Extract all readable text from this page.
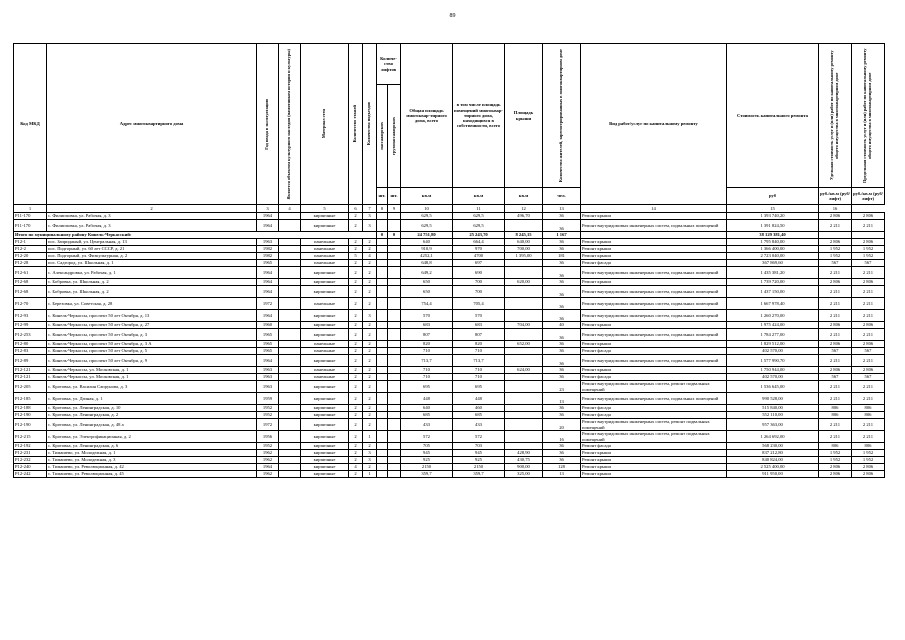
89
Код МКД	Адрес многоквартирного дома	Год ввода в эксплуатацию	Является объектом культурного наследия (памятником истории и культуры)	Материал стен	Количество этажей	Количество подъездов	Количе-ство лифтов		Общая площадь многоквар-тирного дома, всего	в том числе площадь помещений многоквар-тирного дома, находящихся в собственности, всего	Площадь крыши	Количество жителей, зарегистрированных в многоквартирном доме	Вид работ/услуг по капитальному ремонту	Стоимость капитального ремонта	Удельная стоимость услуг и (или) работ по капитальному ремонту общего имущества в многоквартирном доме	Предельная стоимость услуг и (или) работ по капитальному ремонту общего имущества в многоквартирном доме

							пассажирских	грузопассажирских								

							шт.	шт.	кв.м	кв.м	кв.м	чел.		руб	руб./кв.м (руб/лифт)	руб./кв.м (руб/лифт)
1	2	3	4	5	6	7	8	9	10	11	12	13	14	15	16	
Р11-170	с. Филипповка, ул. Рабочая, д. 3	1964		кирпичные	2	3			629,5	629,5	496,70	36	Ремонт крыши	1 393 740,20	2 806	2 806
Р11-170	с. Филипповка, ул. Рабочая, д. 3	1964		кирпичные	2	3			629,5	629,5		36	Ремонт внутридомовых инженерных систем, подвальных помещений	1 391 824,50	2 211	2 211
Итого по муниципальному району Кинель-Черкасский:							0	0	24 751,80	25 243,70	8 245,15	1 167		38 129 381,40		
Р12-1	пос. Заприданый, ул. Центральная, д. 13	1963		панельные	2	2			640	664,4	640,00	36	Ремонт крыши	1 795 840,00	2 806	2 806
Р12-2	пос. Подгорный, ул. 60 лет СССР, д. 21	1982		панельные	2	2			910,9	970	700,00	36	Ремонт крыши	1 366 400,00	1 952	1 952
Р12-20	пос. Подгорный, ул. Физкультурная, д. 2	1982		панельные	5	4			4252,1	4700	1 395,00	181	Ремонт крыши	2 723 040,00	1 952	1 952
Р12-28	пос. Садгород, ул. Школьная, д. 1	1965		панельные	2	2			648,8	697		36	Ремонт фасада	367 869,60	567	567
Р12-61	с. Александровка, ул. Рабочая, д. 1	1964		кирпичные	2	2			649,2	690		36	Ремонт внутридомовых инженерных систем, подвальных помещений	1 435 381,20	2 211	2 211
Р12-68	с. Бобровка, ул. Школьная, д. 2	1964		кирпичные	2	2			650	700	620,00	36	Ремонт крыши	1 739 720,00	2 806	2 806
Р12-68	с. Бобровка, ул. Школьная, д. 2	1964		кирпичные	2	2			650	700		36	Ремонт внутридомовых инженерных систем, подвальных помещений	1 437 150,00	2 211	2 211
Р12-70	с. Березовка, ул. Советская, д. 28	1972		панельные	2	2			754,4	705,4		36	Ремонт внутридомовых инженерных систем, подвальных помещений	1 667 978,40	2 211	2 211
Р12-93	с. Кинель-Черкассы, проспект 50 лет Октября, д. 13	1964		кирпичные	2	3			570	570		36	Ремонт внутридомовых инженерных систем, подвальных помещений	1 260 270,00	2 211	2 211
Р12-99	с. Кинель-Черкассы, проспект 50 лет Октября, д. 27	1960		кирпичные	2	2			683	683	704,00	40	Ремонт крыши	1 975 424,00	2 806	2 806
Р12-253	с. Кинель-Черкассы, проспект 50 лет Октября, д. 3	1965		кирпичные	2	2			807	807		36	Ремонт внутридомовых инженерных систем, подвальных помещений	1 784 277,00	2 211	2 211
Р12-80	с. Кинель-Черкассы, проспект 50 лет Октября, д. 3 А	1965		панельные	2	2			820	820	652,00	36	Ремонт крыши	1 829 512,00	2 806	2 806
Р12-83	с. Кинель-Черкассы, проспект 50 лет Октября, д. 5	1965		панельные	2	2			710	710		36	Ремонт фасада	402 570,00	567	567
Р12-89	с. Кинель-Черкассы, проспект 50 лет Октября, д. 9	1964		кирпичные	2	2			713,7	713,7		36	Ремонт внутридомовых инженерных систем, подвальных помещений	1 577 990,70	2 211	2 211
Р12-121	с. Кинель-Черкассы, ул. Московская, д. 1	1963		панельные	2	2			710	710	624,00	36	Ремонт крыши	1 750 944,00	2 806	2 806
Р12-121	с. Кинель-Черкассы, ул. Московская, д. 1	1963		панельные	2	2			710	710		36	Ремонт фасада	402 570,00	567	567
Р12-205	с. Кротовка, ул. Василия Сапрунова, д. 3	1963		кирпичные	2	2			695	695		23	Ремонт внутридомовых инженерных систем, ремонт подвальных помещений	1 536 645,00	2 211	2 211
Р12-185	с. Кротовка, ул. Дачная, д. 1	1959		кирпичные	2	2			448	448		13	Ремонт внутридомовых инженерных систем, подвальных помещений	990 528,00	2 211	2 211
Р12-188	с. Кротовка, ул. Ленинградская, д. 10	1952		кирпичные	2	2			640	460		36	Ремонт фасада	515 840,00	806	806
Р12-190	с. Кротовка, ул. Ленинградская, д. 2	1952		кирпичные	2	2			685	685		36	Ремонт фасада	552 110,00	806	806
Р12-190	с. Кротовка, ул. Ленинградская, д. 48 а	1972		кирпичные	2	2			433	433		20	Ремонт внутридомовых инженерных систем, ремонт подвальных помещений	957 363,00	2 211	2 211
Р12-215	с. Кротовка, ул. Электрофикационная, д. 2	1956		кирпичные	2	1			572	572		16	Ремонт внутридомовых инженерных систем, ремонт подвальных помещений	1 264 692,00	2 211	2 211
Р12-192	с. Кротовка, ул. Ленинградская, д. 6	1952		кирпичные	2	2			705	703		36	Ремонт фасада	568 230,00	806	806
Р12-231	с. Тимашево, ул. Молодежная, д. 1	1962		кирпичные	2	3			945	945	428,90	36	Ремонт крыши	837 212,80	1 952	1 952
Р12-232	с. Тимашево, ул. Молодежная, д. 3	1962		кирпичные	2	3			925	925	430,75	36	Ремонт крыши	840 824,00	1 952	1 952
Р12-240	с. Тимашево, ул. Революционная, д. 42	1964		кирпичные	4	2			2150	2150	900,00	128	Ремонт крыши	2 525 400,00	2 806	2 806
Р12-242	с. Тимашево, ул. Революционная, д. 45	1962		кирпичные	2	1			359,7	359,7	325,00	13	Ремонт крыши	911 950,00	2 806	2 806
